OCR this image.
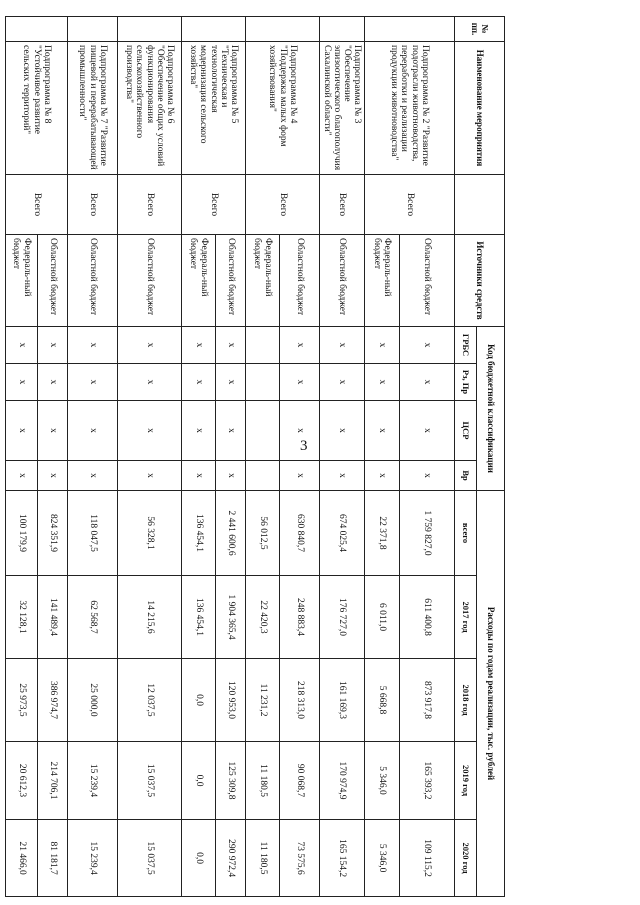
3
№ пп.	Наименование мероприятия		Источники средств	Код бюджетной классификации				Расходы по годам реализации, тыс. рублей				
				ГРБС	Рз, Пр	ЦСР	Вр	всего	2017 год	2018 год	2019 год	2020 год
	Подпрограмма № 2 "Развитие подотрасли животноводства, переработки и реализации продукции животноводства"	Всего	Областной бюджет	х	х	х	х	1 759 827,0	611 400,8	873 917,8	165 393,2	109 115,2
			Федераль-ный бюджет	х	х	х	х	22 371,8	6 011,0	5 668,8	5 346,0	5 346,0
	Подпрограмма № 3 "Обеспечение эпизоотического благополучия Сахалинской области"	Всего	Областной бюджет	х	х	х	х	674 025,4	176 727,0	161 169,3	170 974,9	165 154,2
	Подпрограмма № 4 "Поддержка малых форм хозяйствования"	Всего	Областной бюджет	х	х	х	х	630 840,7	248 883,4	218 313,0	90 068,7	73 575,6
			Федераль-ный бюджет					56 012,5	22 420,3	11 231,2	11 180,5	11 180,5
	Подпрограмма № 5 "Техническая и технологическая модернизация сельского хозяйства"	Всего	Областной бюджет	х	х	х	х	2 441 600,6	1 904 365,4	120 953,0	125 309,8	290 972,4
			Федераль-ный бюджет	х	х	х	х	136 454,1	136 454,1	0,0	0,0	0,0
	Подпрограмма № 6 "Обеспечение общих условий функционирования сельскохозяйственного производства"	Всего	Областной бюджет	х	х	х	х	56 328,1	14 215,6	12 037,5	15 037,5	15 037,5
	Подпрограмма № 7 "Развитие пищевой и перерабатывающей промышленности"	Всего	Областной бюджет	х	х	х	х	118 047,5	62 568,7	25 000,0	15 239,4	15 239,4
	Подпрограмма № 8 "Устойчивое развитие сельских территорий"	Всего	Областной бюджет	х	х	х	х	824 351,9	141 489,4	386 974,7	214 706,1	81 181,7
			Федераль-ный бюджет	х	х	х	х	100 179,9	32 128,1	25 973,5	20 612,3	21 466,0
